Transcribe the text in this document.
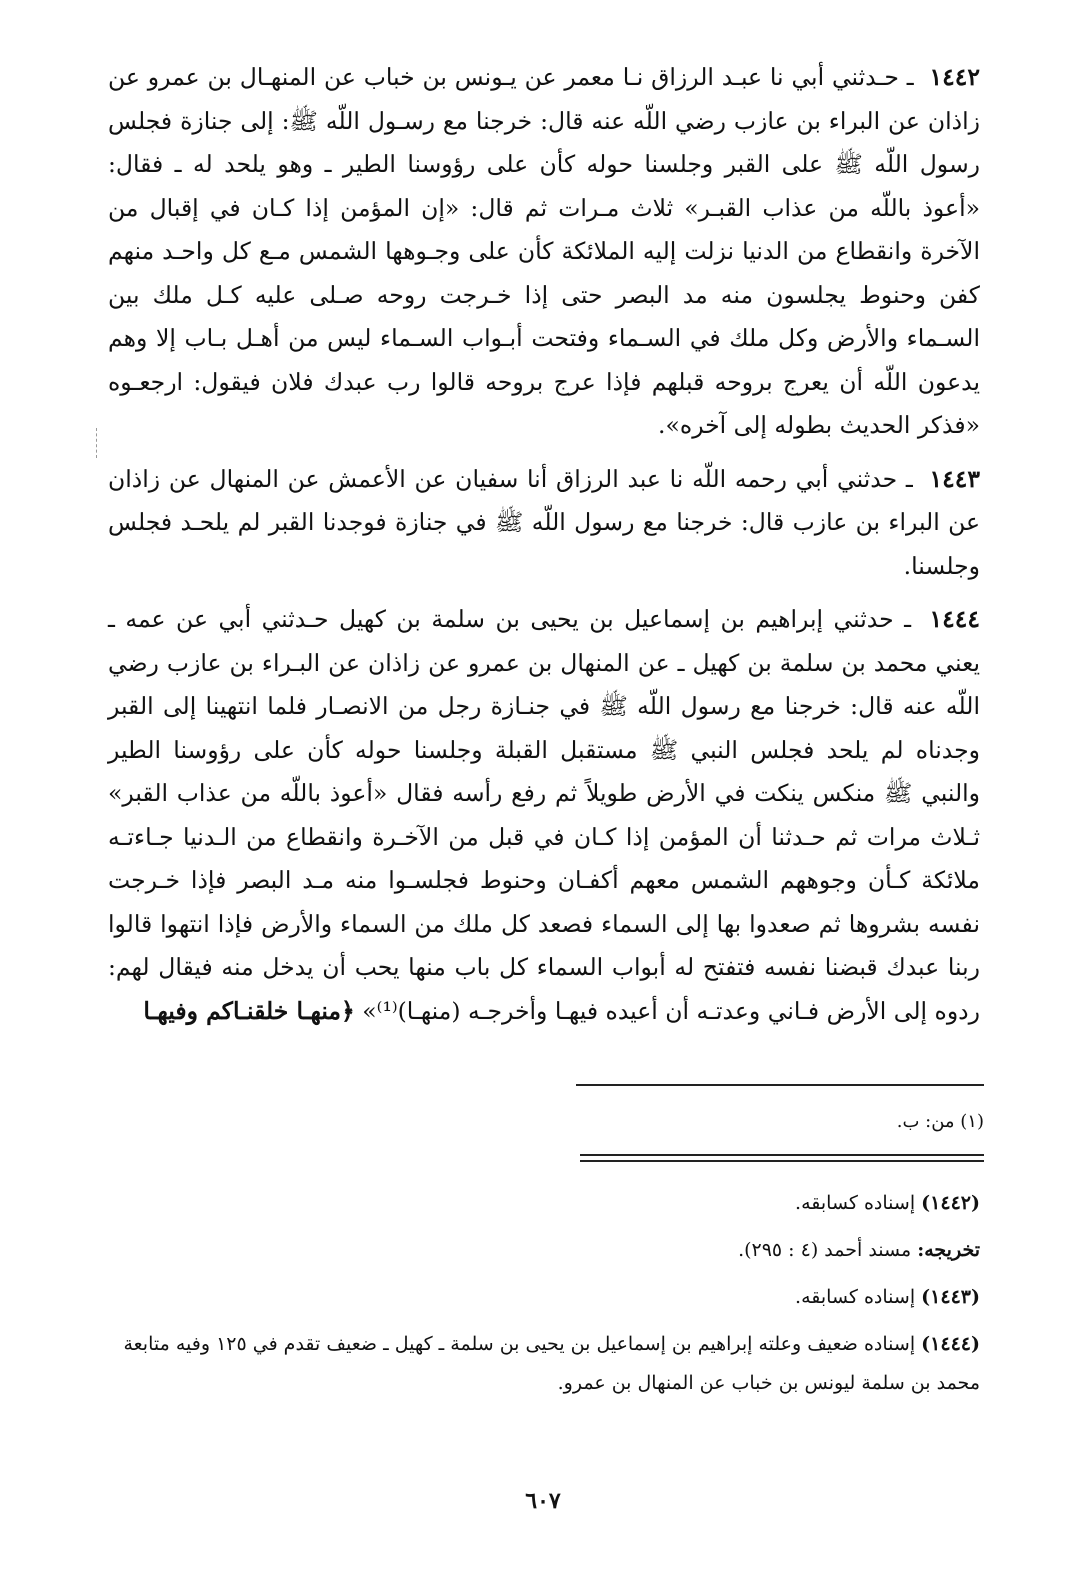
١٤٤٢ ـ حـدثني أبي نا عبـد الرزاق نـا معمر عن يـونس بن خباب عن المنهـال بن عمرو عن زاذان عن البراء بن عازب رضي اللّه عنه قال: خرجنا مع رسـول اللّه ﷺ: إلى جنازة فجلس رسول اللّه ﷺ على القبر وجلسنا حوله كأن على رؤوسنا الطير ـ وهو يلحد له ـ فقال: «أعوذ باللّه من عذاب القبـر» ثلاث مـرات ثم قال: «إن المؤمن إذا كـان في إقبال من الآخرة وانقطاع من الدنيا نزلت إليه الملائكة كأن على وجـوهها الشمس مـع كل واحـد منهم كفن وحنوط يجلسون منه مد البصر حتى إذا خـرجت روحه صـلى عليه كـل ملك بين السـماء والأرض وكل ملك في السـماء وفتحت أبـواب السـماء ليس من أهـل بـاب إلا وهم يدعون اللّه أن يعرج بروحه قبلهم فإذا عرج بروحه قالوا رب عبدك فلان فيقول: ارجعـوه «فذكر الحديث بطوله إلى آخره».

١٤٤٣ ـ حدثني أبي رحمه اللّه نا عبد الرزاق أنا سفيان عن الأعمش عن المنهال عن زاذان عن البراء بن عازب قال: خرجنا مع رسول اللّه ﷺ في جنازة فوجدنا القبر لم يلحـد فجلس وجلسنا.

١٤٤٤ ـ حدثني إبراهيم بن إسماعيل بن يحيى بن سلمة بن كهيل حـدثني أبي عن عمه ـ يعني محمد بن سلمة بن كهيل ـ عن المنهال بن عمرو عن زاذان عن البـراء بن عازب رضي اللّه عنه قال: خرجنا مع رسول اللّه ﷺ في جنـازة رجل من الانصـار فلما انتهينا إلى القبر وجدناه لم يلحد فجلس النبي ﷺ مستقبل القبلة وجلسنا حوله كأن على رؤوسنا الطير والنبي ﷺ منكس ينكت في الأرض طويلاً ثم رفع رأسه فقال «أعوذ باللّه من عذاب القبر» ثـلاث مرات ثم حـدثنا أن المؤمن إذا كـان في قبل من الآخـرة وانقطاع من الـدنيا جـاءتـه ملائكة كـأن وجوههم الشمس معهم أكفـان وحنوط فجلسـوا منه مـد البصر فإذا خـرجت نفسه بشروها ثم صعدوا بها إلى السماء فصعد كل ملك من السماء والأرض فإذا انتهوا قالوا ربنا عبدك قبضنا نفسه فتفتح له أبواب السماء كل باب منها يحب أن يدخل منه فيقال لهم: ردوه إلى الأرض فـاني وعدتـه أن أعيده فيهـا وأخرجـه (منهـا)⁽¹⁾» ﴿منهـا خلقنـاكم وفيهـا

(١) من: ب.

(١٤٤٢) إسناده كسابقه.

تخريجه: مسند أحمد (٤ : ٢٩٥).

(١٤٤٣) إسناده كسابقه.

(١٤٤٤) إسناده ضعيف وعلته إبراهيم بن إسماعيل بن يحيى بن سلمة ـ كهيل ـ ضعيف تقدم في ١٢٥ وفيه متابعة محمد بن سلمة ليونس بن خباب عن المنهال بن عمرو.

٦٠٧
